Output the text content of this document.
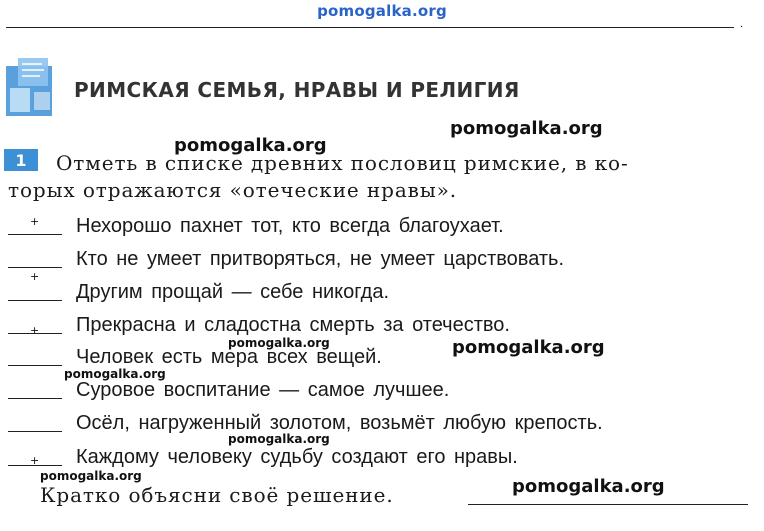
pomogalka.org
·
РИМСКАЯ СЕМЬЯ, НРАВЫ И РЕЛИГИЯ
pomogalka.org
pomogalka.org
1 Отметь в списке древних пословиц римские, в ко-
торых отражаются «отеческие нравы».
+ Нехорошо пахнет тот, кто всегда благоухает.
Кто не умеет притворяться, не умеет царствовать.
+
Другим прощай — себе никогда.
+ Прекрасна и сладостна смерть за отечество.
Человек есть мера всех вещей.
Суровое воспитание — самое лучшее.
Осёл, нагруженный золотом, возьмёт любую крепость.
+ Каждому человеку судьбу создают его нравы.
pomogalka.org	pomogalka.org
pomogalka.org
pomogalka.org
pomogalka.org
Кратко объясни своё решение.	pomogalka.org
